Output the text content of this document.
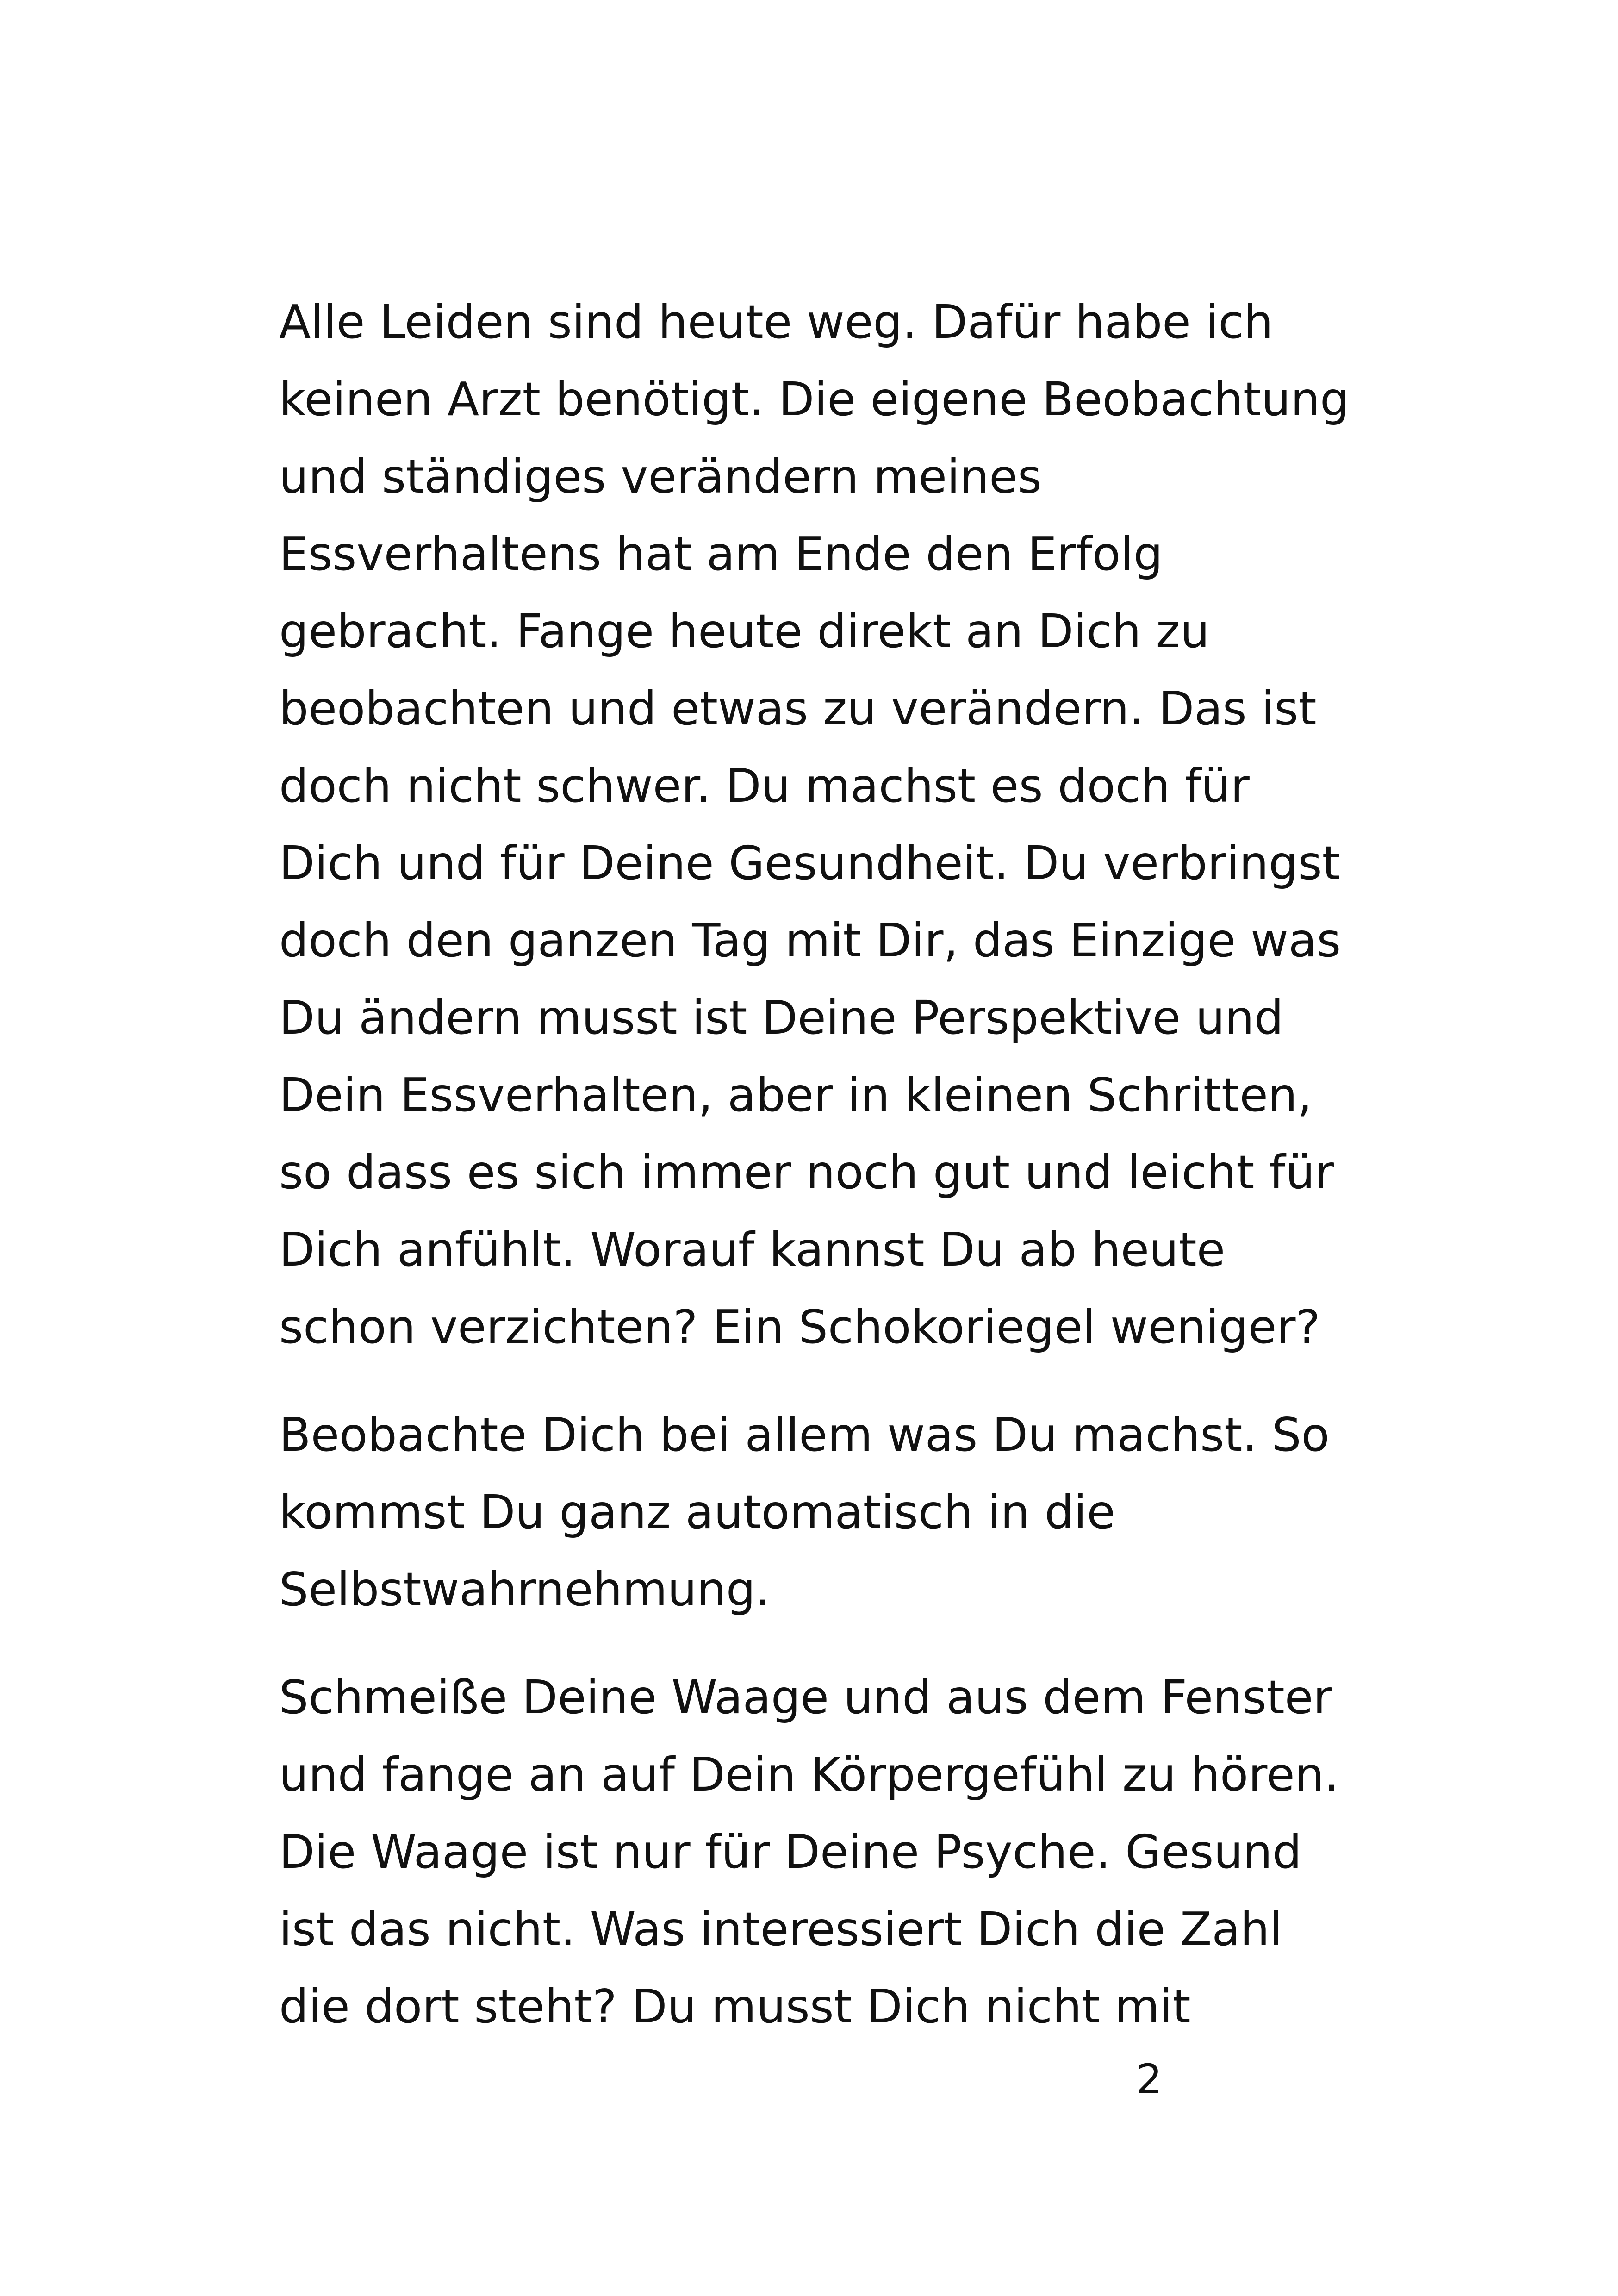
Alle Leiden sind heute weg. Dafür habe ich
keinen Arzt benötigt. Die eigene Beobachtung
und ständiges verändern meines
Essverhaltens hat am Ende den Erfolg
gebracht. Fange heute direkt an Dich zu
beobachten und etwas zu verändern. Das ist
doch nicht schwer. Du machst es doch für
Dich und für Deine Gesundheit. Du verbringst
doch den ganzen Tag mit Dir, das Einzige was
Du ändern musst ist Deine Perspektive und
Dein Essverhalten, aber in kleinen Schritten,
so dass es sich immer noch gut und leicht für
Dich anfühlt. Worauf kannst Du ab heute
schon verzichten? Ein Schokoriegel weniger?

Beobachte Dich bei allem was Du machst. So
kommst Du ganz automatisch in die
Selbstwahrnehmung.

Schmeiße Deine Waage und aus dem Fenster
und fange an auf Dein Körpergefühl zu hören.
Die Waage ist nur für Deine Psyche. Gesund
ist das nicht. Was interessiert Dich die Zahl
die dort steht? Du musst Dich nicht mit

2
